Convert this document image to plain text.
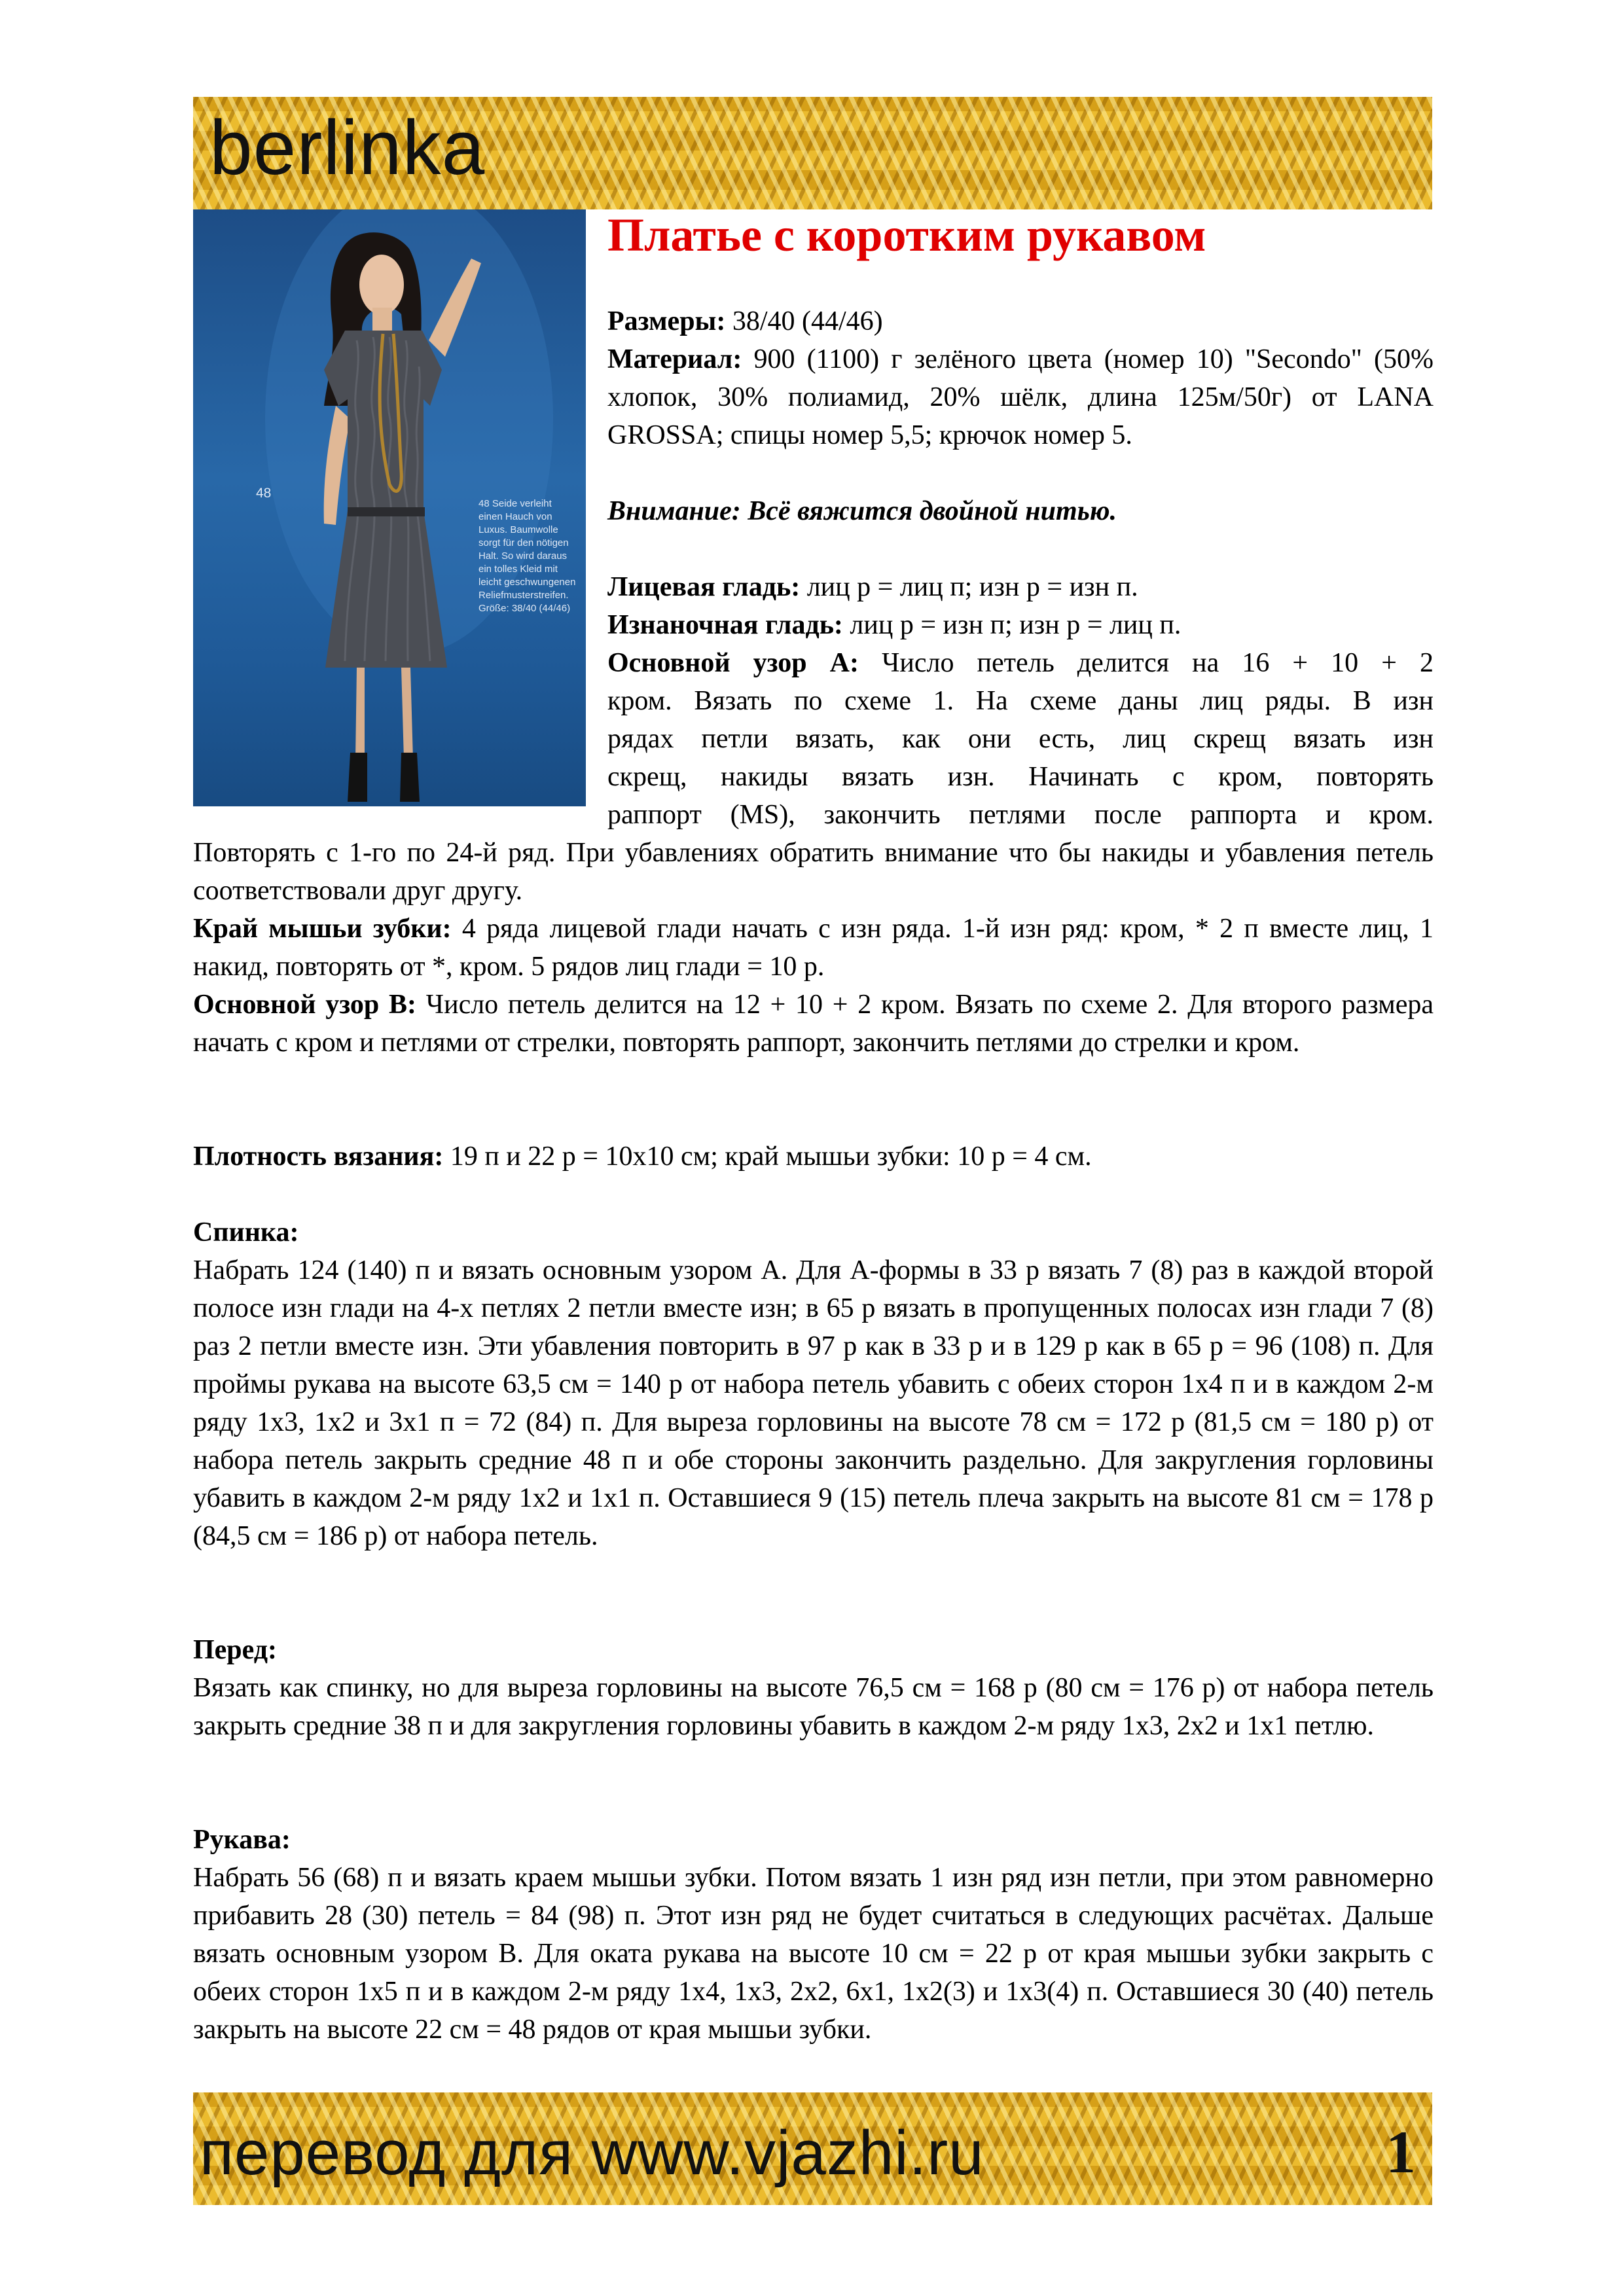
berlinka
48
48 Seide verleiht einen Hauch von Luxus. Baumwolle sorgt für den nötigen Halt. So wird daraus ein tolles Kleid mit leicht geschwungenen Reliefmusterstreifen. Größe: 38/40 (44/46)
Платье с коротким рукавом
Размеры: 38/40 (44/46)
Материал: 900 (1100) г зелёного цвета (номер 10) "Secondo" (50% хлопок, 30% полиамид, 20% шёлк, длина 125м/50г) от LANA GROSSA; спицы номер 5,5; крючок номер 5.
Внимание: Всё вяжится двойной нитью.
Лицевая гладь: лиц р = лиц п; изн р = изн п.
Изнаночная гладь: лиц р = изн п; изн р = лиц п.

Основной узор А: Число петель делится на 16 + 10 + 2

кром. Вязать по схеме 1. На схеме даны лиц ряды. В изн

рядах петли вязать, как они есть, лиц скрещ вязать изн

скрещ, накиды вязать изн. Начинать с кром, повторять

раппорт (MS), закончить петлями после раппорта и кром.

Повторять с 1-го по 24-й ряд. При убавлениях обратить внимание что бы накиды и убавления петель соответствовали друг другу.
Край мышьи зубки: 4 ряда лицевой глади начать с изн ряда. 1-й изн ряд: кром, * 2 п вместе лиц, 1 накид, повторять от *, кром. 5 рядов лиц глади = 10 р.
Основной узор В: Число петель делится на 12 + 10 + 2 кром. Вязать по схеме 2. Для второго размера начать с кром и петлями от стрелки, повторять раппорт, закончить петлями до стрелки и кром.
Плотность вязания: 19 п и 22 р = 10х10 см; край мышьи зубки: 10 р = 4 см.
Спинка:

Набрать 124 (140) п и вязать основным узором А. Для А-формы в 33 р вязать 7 (8) раз в каждой второй полосе изн глади на 4-х петлях 2 петли вместе изн; в 65 р вязать в пропущенных полосах изн глади 7 (8) раз 2 петли вместе изн. Эти убавления повторить в 97 р как в 33 р и в 129 р как в 65 р = 96 (108) п. Для проймы рукава на высоте 63,5 см = 140 р от набора петель убавить с обеих сторон 1х4 п и в каждом 2-м ряду 1х3, 1х2 и 3х1 п = 72 (84) п. Для выреза горловины на высоте 78 см = 172 р (81,5 см = 180 р) от набора петель закрыть средние 48 п и обе стороны закончить раздельно. Для закругления горловины убавить в каждом 2-м ряду 1х2 и 1х1 п. Оставшиеся 9 (15) петель плеча закрыть на высоте 81 см = 178 р (84,5 см = 186 р) от набора петель.

Перед:

Вязать как спинку, но для выреза горловины на высоте 76,5 см = 168 р (80 см = 176 р) от набора петель закрыть средние 38 п и для закругления горловины убавить в каждом 2-м ряду 1х3, 2х2 и 1х1 петлю.

Рукава:

Набрать 56 (68) п и вязать краем мышьи зубки. Потом вязать 1 изн ряд изн петли, при этом равномерно прибавить 28 (30) петель = 84 (98) п. Этот изн ряд не будет считаться в следующих расчётах. Дальше вязать основным узором В. Для оката рукава на высоте 10 см = 22 р от края мышьи зубки закрыть с обеих сторон 1х5 п и в каждом 2-м ряду 1х4, 1х3, 2х2, 6х1, 1х2(3) и 1х3(4) п. Оставшиеся 30 (40) петель закрыть на высоте 22 см = 48 рядов от края мышьи зубки.

перевод для www.vjazhi.ru	1
